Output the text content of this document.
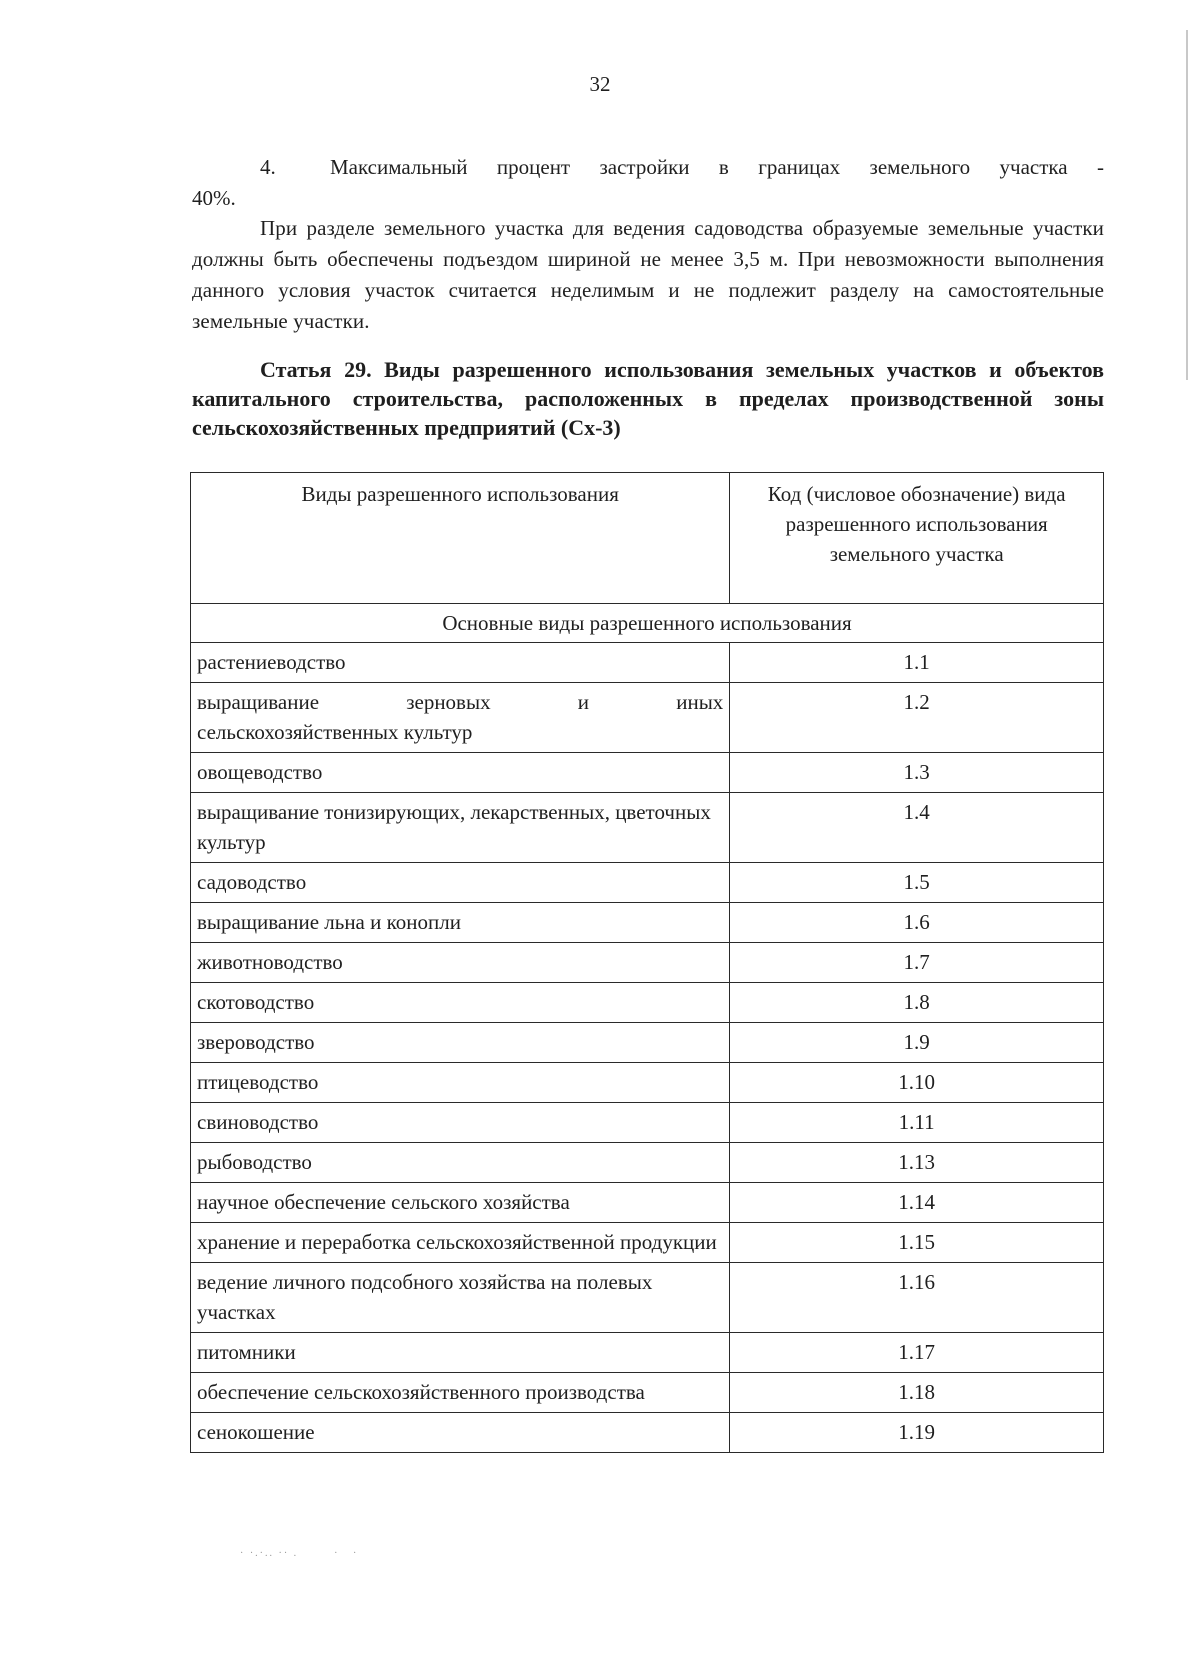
32
4.	Максимальный процент застройки в границах земельного участка -
40%.
При разделе земельного участка для ведения садоводства образуемые земельные участки должны быть обеспечены подъездом шириной не менее 3,5 м. При невозможности выполнения данного условия участок считается неделимым и не подлежит разделу на самостоятельные земельные участки.
Статья 29. Виды разрешенного использования земельных участков и объектов капитального строительства, расположенных в пределах производственной зоны сельскохозяйственных предприятий (Сх-3)
Виды разрешенного использования	Код (числовое обозначение) вида разрешенного использования земельного участка
Основные виды разрешенного использования	
растениеводство	1.1

выращивание зерновых и иных
сельскохозяйственных культур	1.2
овощеводство	1.3
выращивание тонизирующих, лекарственных, цветочных культур	1.4
садоводство	1.5
выращивание льна и конопли	1.6
животноводство	1.7
скотоводство	1.8
звероводство	1.9
птицеводство	1.10
свиноводство	1.11
рыбоводство	1.13
научное обеспечение сельского хозяйства	1.14
хранение и переработка сельскохозяйственной продукции	1.15
ведение личного подсобного хозяйства на полевых участках	1.16
питомники	1.17
обеспечение сельскохозяйственного производства	1.18
сенокошение	1.19
· ·.·.. ·· .        ·   ·
